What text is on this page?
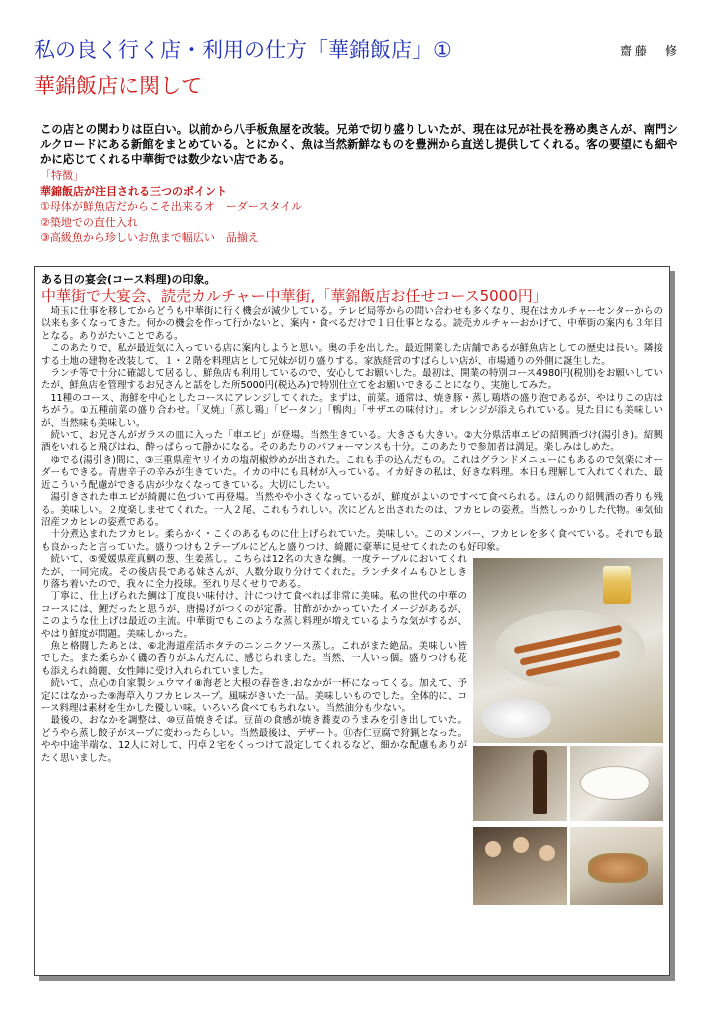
私の良く行く店・利用の仕方「華錦飯店」①	齋藤　修
華錦飯店に関して
この店との関わりは臣白い。以前から八手板魚屋を改装。兄弟で切り盛りしいたが、現在は兄が社長を務め奥さんが、南門シルクロードにある新館をまとめている。とにかく、魚は当然新鮮なものを豊洲から直送し提供してくれる。客の要望にも細やかに応じてくれる中華街では数少ない店である。
「特徴」
華錦飯店が注目される三つのポイント
①母体が鮮魚店だからこそ出来るオ　ーダースタイル
②築地での直仕入れ
③高級魚から珍しいお魚まで幅広い　品揃え
ある日の宴会(コース料理)の印象。
中華街で大宴会、読売カルチャー中華街,「華錦飯店お任せコース5000円」

埼玉に仕事を移してからどうも中華街に行く機会が減少している。テレビ局等からの問い合わせも多くなり、現在はカルチャーセンターからの以来も多くなってきた。何かの機会を作って行かないと、案内・食べるだけで１日仕事となる。読売カルチャーおかげて、中華街の案内も３年目となる。ありがたいことである。

このあたりで、私が最近気に入っている店に案内しようと思い。奥の手を出した。最近開業した店舗であるが鮮魚店としての歴史は長い。隣接する土地の建物を改装して、１・２階を料理店として兄妹が切り盛りする。家族経営のすばらしい店が、市場通りの外側に誕生した。

ランチ等で十分に確認して居るし、鮮魚店も利用しているので、安心してお願いした。最初は、開業の特別コース4980円(税別)をお願いしていたが、鮮魚店を管理するお兄さんと話をした所5000円(税込み)で特別仕立てをお願いできることになり、実施してみた。

11種のコース、海鮮を中心としたコースにアレンジしてくれた。まずは、前菜。通常は、焼き豚・蒸し鶏塔の盛り泡であるが、やはりこの店はちがう。①五種前菜の盛り合わせ。「叉焼」「蒸し鶏」「ピータン」「鴨肉」「サザエの味付け」。オレンジが添えられている。見た目にも美味しいが、当然味も美味しい。

続いて、お兄さんがガラスの皿に入った「車エビ」が登場。当然生きている。大きさも大きい。②大分県活車エビの紹興酒づけ(湯引き)。紹興酒をいれると飛びはね、酔っぱらって静かになる。そのあたりのパフォーマンスも十分。このあたりで参加者は満足。楽しみはしめた。

ゆでる(湯引き)間に、③三重県産ヤリイカの塩胡椒炒めが出された。これも手の込んだもの。これはグランドメニューにもあるので気楽にオーダーもできる。青唐辛子の辛みが生きていた。イカの中にも具材が入っている。イカ好きの私は、好きな料理。本日も理解して入れてくれた、最近こういう配慮ができる店が少なくなってきている。大切にしたい。

湯引きされた車エビが綺麗に色づいて再登場。当然やや小さくなっているが、鮮度がよいのですべて食べられる。ほんのり紹興酒の香りも残る。美味しい。２度楽しませてくれた。一人２尾、これもうれしい。次にどんと出されたのは、フカヒレの姿煮。当然しっかりした代物。④気仙沼産フカヒレの姿煮である。

十分煮込まれたフカヒレ。柔らかく・こくのあるものに仕上げられていた。美味しい。このメンバー、フカヒレを多く食べている。それでも最も良かったと言っていた。盛りつけも２テーブルにどんと盛りつけ、綺麗に豪華に見せてくれたのも好印象。

続いて、⑤愛媛県産真鯛の葱、生姜蒸し。こちらは12名の大きな鯛。一度テーブルにおいてくれたが、一同完成。その後店長である妹さんが、人数分取り分けてくれた。ランチタイムもひとしきり落ち着いたので、我々に全力投球。至れり尽くせりである。

丁寧に、仕上げられた鯛は丁度良い味付け、汁につけて食べれば非常に美味。私の世代の中華のコースには、鯉だったと思うが、唐揚げがつくのが定番。甘酢がかかっていたイメージがあるが、このような仕上げは最近の主流。中華街でもこのような蒸し料理が増えているような気がするが、やはり鮮度が問題。美味しかった。

魚と格闘したあとは、⑥北海道産活ホタテのニンニクソース蒸し。これがまた絶品。美味しい皆でした。また柔らかく磯の香りがふんだんに、感じられました。当然、一人いっ個。盛りつけも花も添えられ綺麗、女性陣に受け入れられていました。

続いて、点心⑦自家製シュウマイ⑧海老と大根の春巻き.おなかが一杯になってくる。加えて、予定にはなかった⑨海草入りフカヒレスープ。風味がきいた一品。美味しいものでした。全体的に、コース料理は素材を生かした優しい味。いろいろ食べてもちれない。当然油分も少ない。

最後の、おなかを調整は、⑩豆苗焼きそば。豆苗の食感が焼き蕎麦のうまみを引き出していた。どうやら蒸し餃子がスープに変わったらしい。当然最後は、デザート。⑪杏仁豆腐で狩猟となった。やや中途半端な、12人に対して、円卓２宅をくっつけて設定してくれるなど、細かな配慮もありがたく思いました。
